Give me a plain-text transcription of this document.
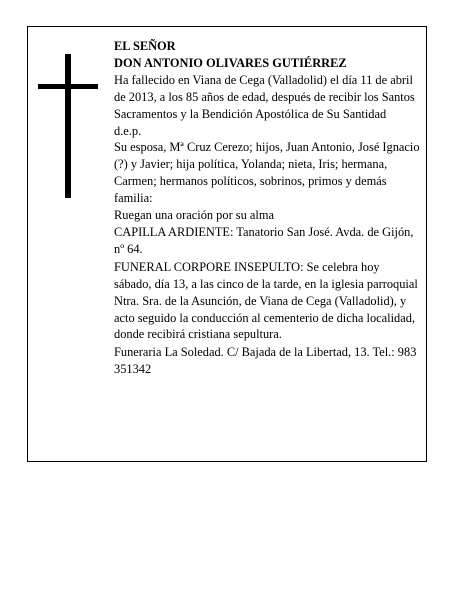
EL SEÑOR

DON ANTONIO OLIVARES GUTIÉRREZ

Ha fallecido en Viana de Cega (Valladolid) el día 11 de abril de 2013, a los 85 años de edad, después de recibir los Santos Sacramentos y la Bendición Apostólica de Su Santidad

d.e.p.

Su esposa, Mª Cruz Cerezo; hijos, Juan Antonio, José Ignacio (?) y Javier; hija política, Yolanda; nieta, Iris; hermana, Carmen; hermanos políticos, sobrinos, primos y demás familia:

Ruegan una oración por su alma

CAPILLA ARDIENTE: Tanatorio San José. Avda. de Gijón, nº 64.

FUNERAL CORPORE INSEPULTO: Se celebra hoy sábado, día 13, a las cinco de la tarde, en la iglesia parroquial Ntra. Sra. de la Asunción, de Viana de Cega (Valladolid), y acto seguido la conducción al cementerio de dicha localidad, donde recibirá cristiana sepultura.

Funeraria La Soledad. C/ Bajada de la Libertad, 13. Tel.: 983 351342
